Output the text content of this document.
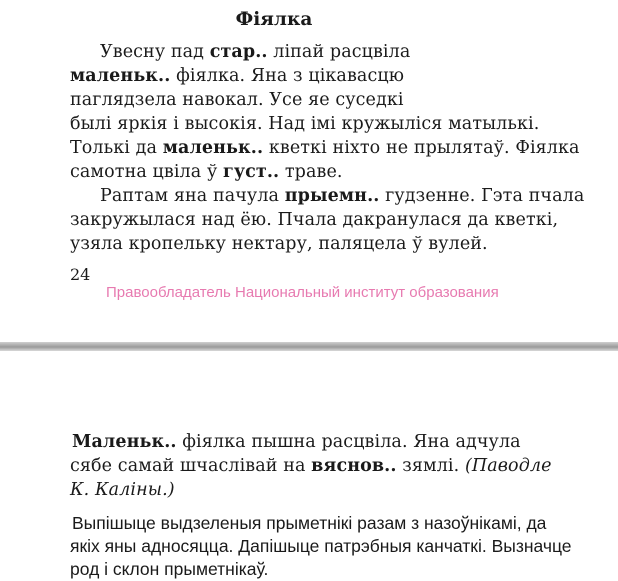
Фіялка
Увесну пад стар.. ліпай расцвіла
маленьк.. фіялка. Яна з цікавасцю
паглядзела навокал. Усе яе суседкі
былі яркія і высокія. Над імі кружыліся матылькі.
Толькі да маленьк.. кветкі ніхто не прылятаў. Фіялка
самотна цвіла ў густ.. траве.
Раптам яна пачула прыемн.. гудзенне. Гэта пчала
закружылася над ёю. Пчала дакранулася да кветкі,
узяла кропельку нектару, паляцела ў вулей.
24
Правообладатель Национальный институт образования
Маленьк.. фіялка пышна расцвіла. Яна адчула
сябе самай шчаслівай на вяснов.. зямлі. (Паводле
К. Каліны.)
Выпішыце выдзеленыя прыметнікі разам з назоўнікамі, да
якіх яны адносяцца. Дапішыце патрэбныя канчаткі. Вызначце
род і склон прыметнікаў.
